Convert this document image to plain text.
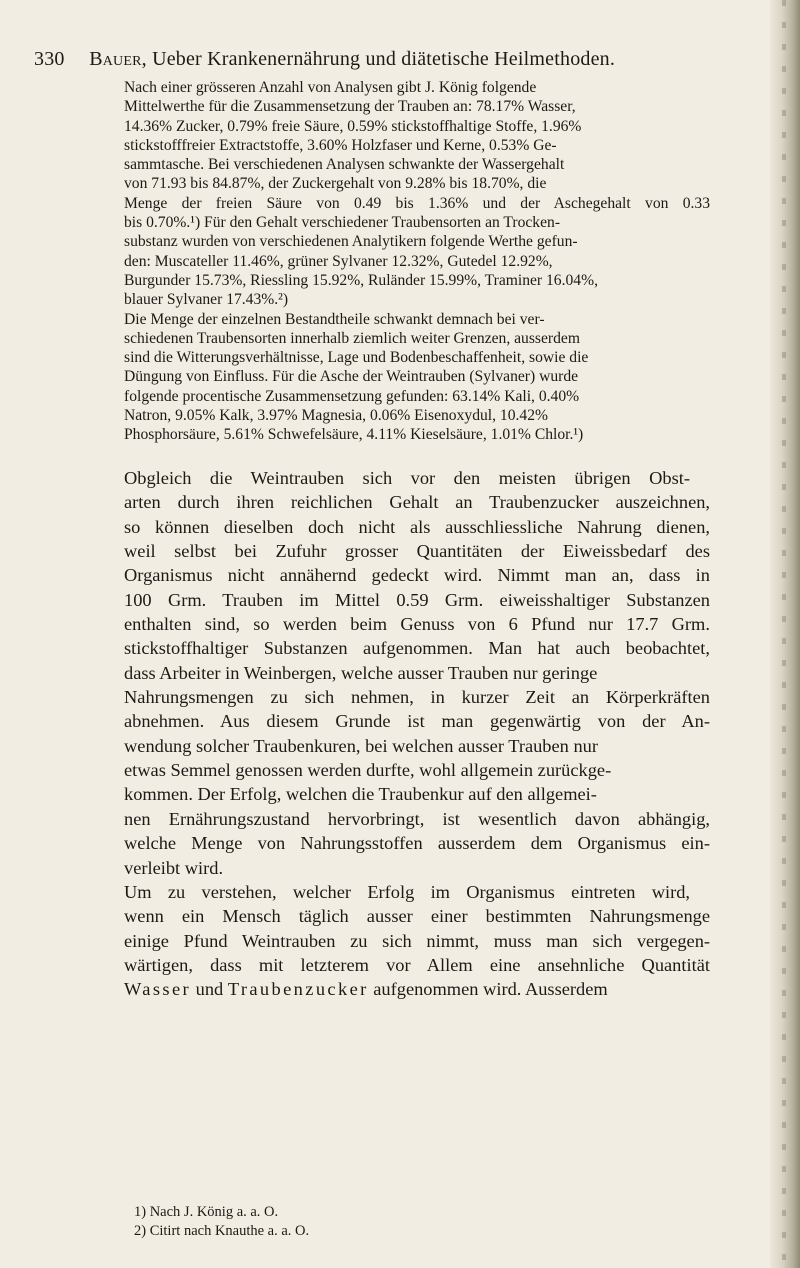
330 Bauer, Ueber Krankenernährung und diätetische Heilmethoden.

Nach einer grösseren Anzahl von Analysen gibt J. König folgende
Mittelwerthe für die Zusammensetzung der Trauben an: 78.17% Wasser,
14.36% Zucker, 0.79% freie Säure, 0.59% stickstoffhaltige Stoffe, 1.96%
stickstofffreier Extractstoffe, 3.60% Holzfaser und Kerne, 0.53% Ge-
sammtasche. Bei verschiedenen Analysen schwankte der Wassergehalt
von 71.93 bis 84.87%, der Zuckergehalt von 9.28% bis 18.70%, die
Menge der freien Säure von 0.49 bis 1.36% und der Aschegehalt von 0.33
bis 0.70%.¹) Für den Gehalt verschiedener Traubensorten an Trocken-
substanz wurden von verschiedenen Analytikern folgende Werthe gefun-
den: Muscateller 11.46%, grüner Sylvaner 12.32%, Gutedel 12.92%,
Burgunder 15.73%, Riessling 15.92%, Ruländer 15.99%, Traminer 16.04%,
blauer Sylvaner 17.43%.²)

Die Menge der einzelnen Bestandtheile schwankt demnach bei ver-
schiedenen Traubensorten innerhalb ziemlich weiter Grenzen, ausserdem
sind die Witterungsverhältnisse, Lage und Bodenbeschaffenheit, sowie die
Düngung von Einfluss. Für die Asche der Weintrauben (Sylvaner) wurde
folgende procentische Zusammensetzung gefunden: 63.14% Kali, 0.40%
Natron, 9.05% Kalk, 3.97% Magnesia, 0.06% Eisenoxydul, 10.42%
Phosphorsäure, 5.61% Schwefelsäure, 4.11% Kieselsäure, 1.01% Chlor.¹)

Obgleich die Weintrauben sich vor den meisten übrigen Obst-
arten durch ihren reichlichen Gehalt an Traubenzucker auszeichnen,
so können dieselben doch nicht als ausschliessliche Nahrung dienen,
weil selbst bei Zufuhr grosser Quantitäten der Eiweissbedarf des
Organismus nicht annähernd gedeckt wird. Nimmt man an, dass in
100 Grm. Trauben im Mittel 0.59 Grm. eiweisshaltiger Substanzen
enthalten sind, so werden beim Genuss von 6 Pfund nur 17.7 Grm.
stickstoffhaltiger Substanzen aufgenommen. Man hat auch beobachtet,
dass Arbeiter in Weinbergen, welche ausser Trauben nur geringe
Nahrungsmengen zu sich nehmen, in kurzer Zeit an Körperkräften
abnehmen. Aus diesem Grunde ist man gegenwärtig von der An-
wendung solcher Traubenkuren, bei welchen ausser Trauben nur
etwas Semmel genossen werden durfte, wohl allgemein zurückge-
kommen. Der Erfolg, welchen die Traubenkur auf den allgemei-
nen Ernährungszustand hervorbringt, ist wesentlich davon abhängig,
welche Menge von Nahrungsstoffen ausserdem dem Organismus ein-
verleibt wird.

Um zu verstehen, welcher Erfolg im Organismus eintreten wird,
wenn ein Mensch täglich ausser einer bestimmten Nahrungsmenge
einige Pfund Weintrauben zu sich nimmt, muss man sich vergegen-
wärtigen, dass mit letzterem vor Allem eine ansehnliche Quantität
Wasser und Traubenzucker aufgenommen wird. Ausserdem

1) Nach J. König a. a. O.
2) Citirt nach Knauthe a. a. O.
